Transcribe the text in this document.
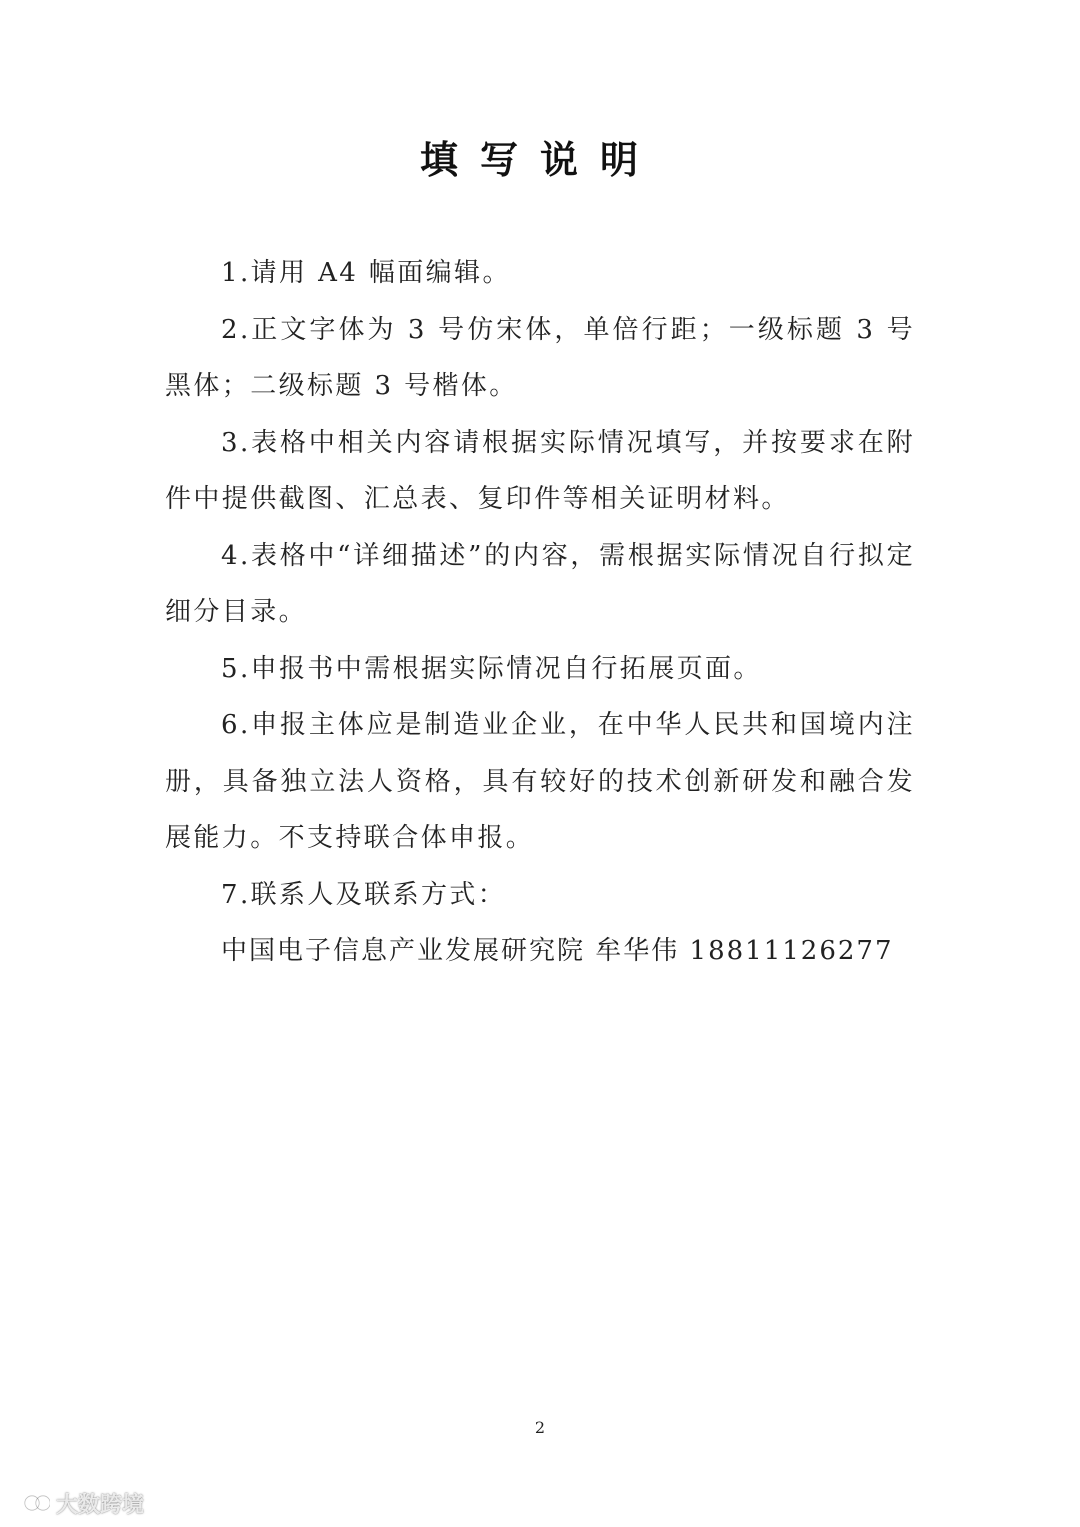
填写说明

1.请用 A4 幅面编辑。

2.正文字体为 3 号仿宋体，单倍行距；一级标题 3 号黑体；二级标题 3 号楷体。

3.表格中相关内容请根据实际情况填写，并按要求在附件中提供截图、汇总表、复印件等相关证明材料。

4.表格中“详细描述”的内容，需根据实际情况自行拟定细分目录。

5.申报书中需根据实际情况自行拓展页面。

6.申报主体应是制造业企业，在中华人民共和国境内注册，具备独立法人资格，具有较好的技术创新研发和融合发展能力。不支持联合体申报。

7.联系人及联系方式：

中国电子信息产业发展研究院 牟华伟 18811126277

2
大数跨境
